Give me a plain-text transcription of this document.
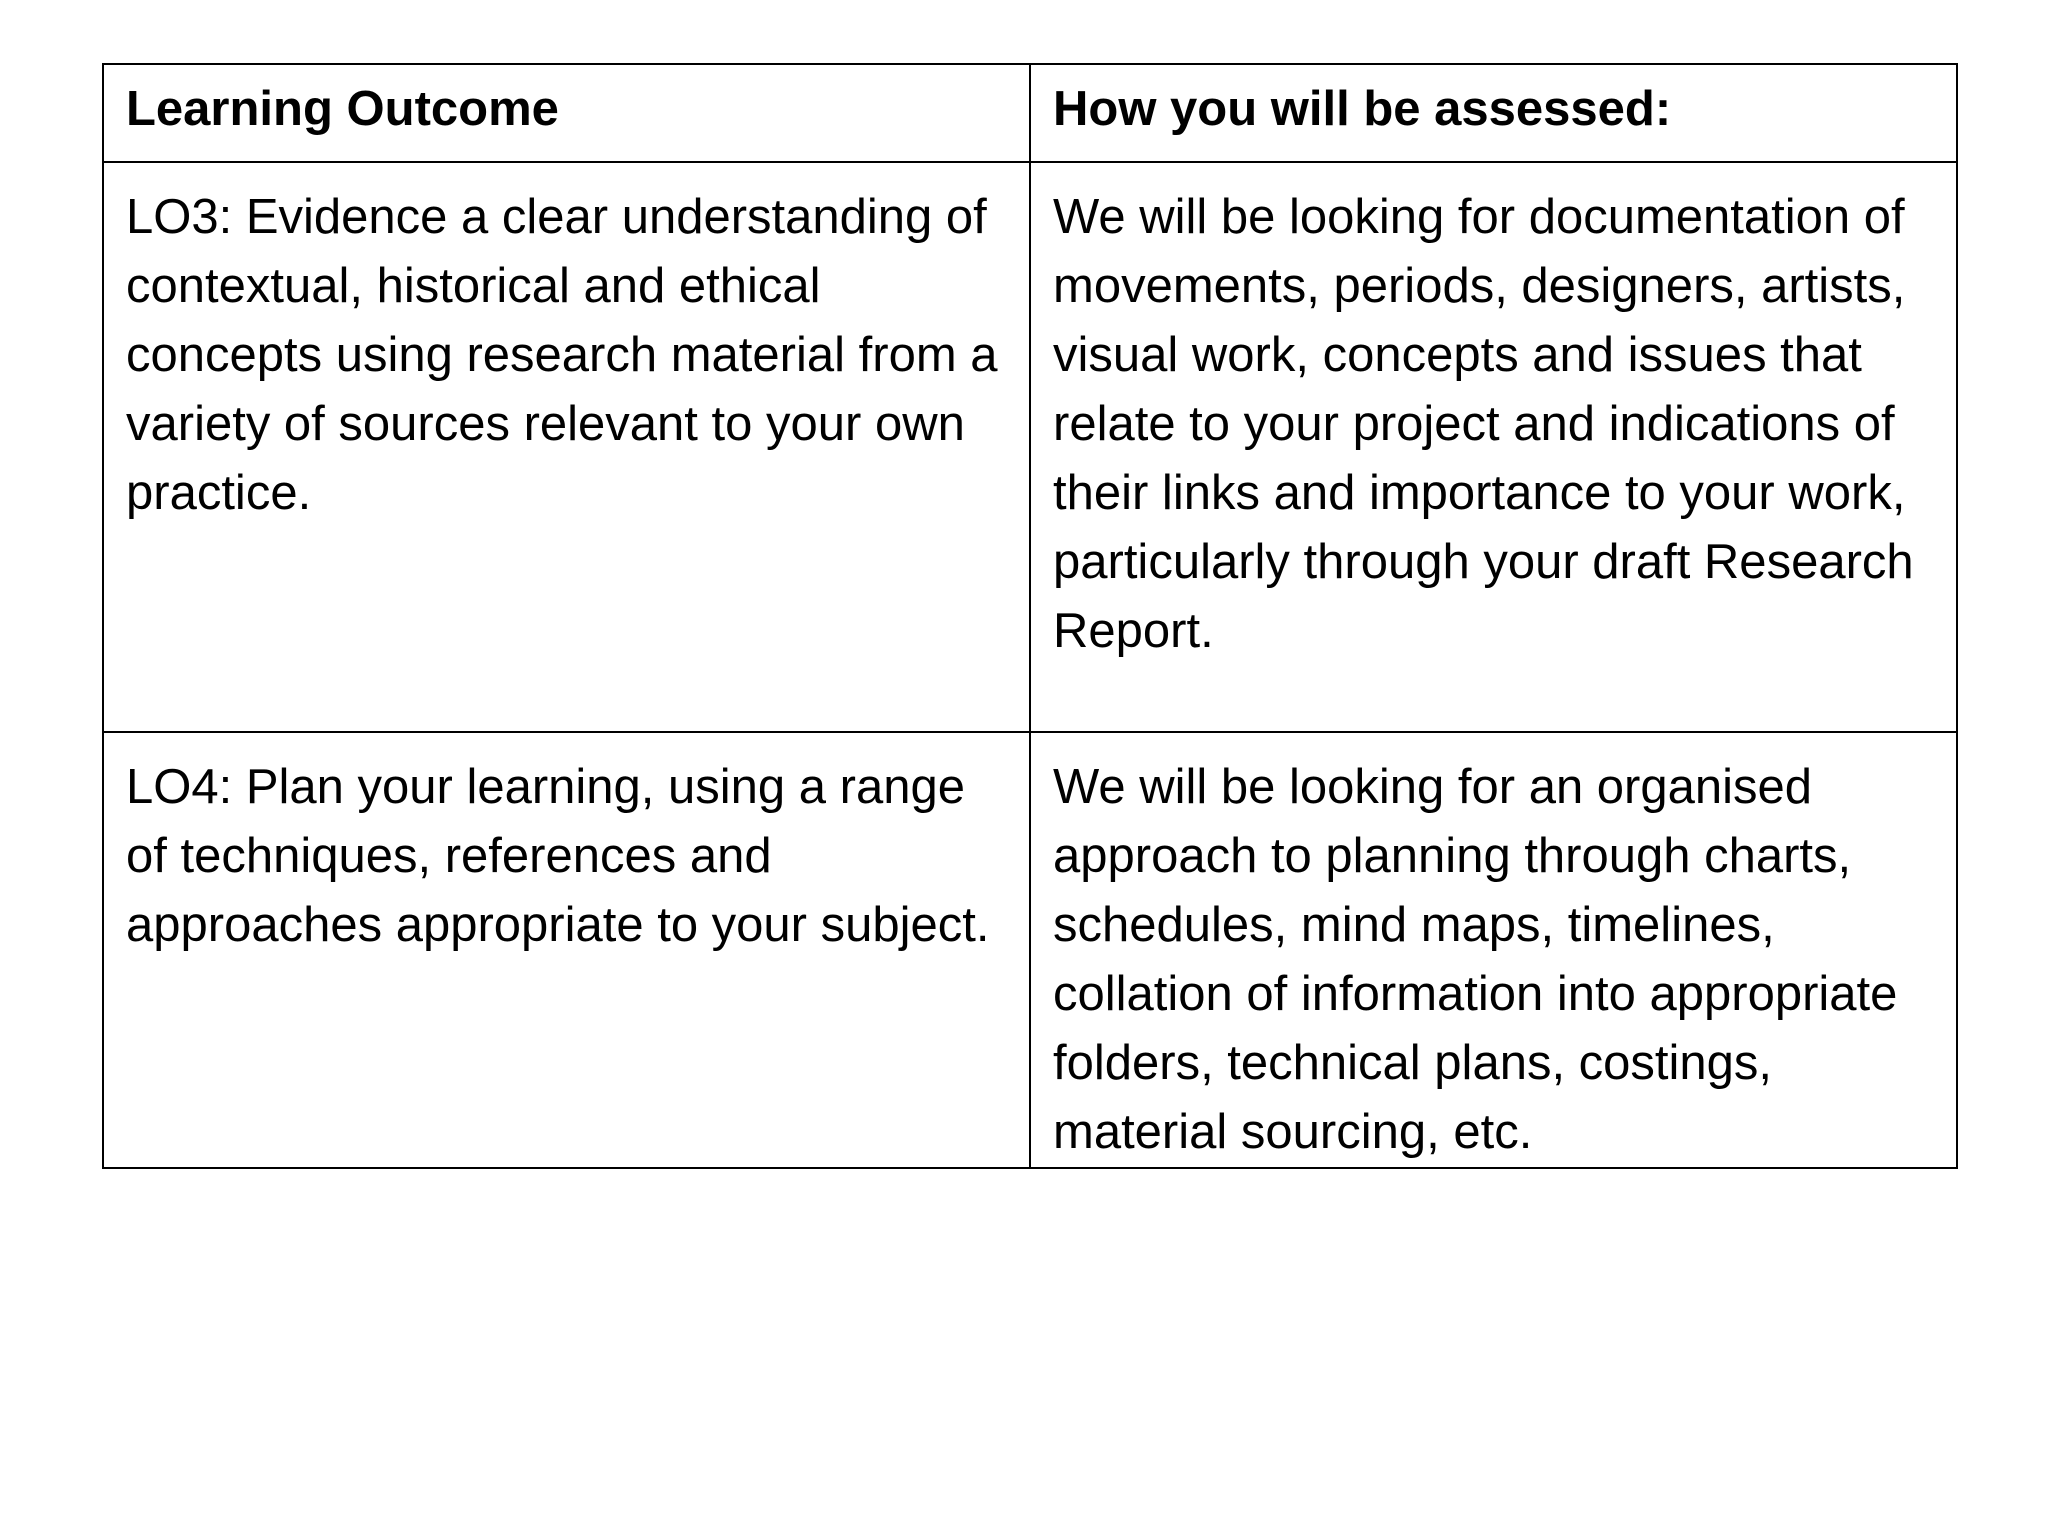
Learning Outcome	How you will be assessed:
LO3: Evidence a clear understanding of contextual, historical and ethical concepts using research material from a variety of sources relevant to your own practice.	We will be looking for documentation of movements, periods, designers, artists, visual work, concepts and issues that relate to your project and indications of their links and importance to your work, particularly through your draft Research Report.
LO4: Plan your learning, using a range of techniques, references and approaches appropriate to your subject.	We will be looking for an organised approach to planning through charts, schedules, mind maps, timelines, collation of information into appropriate folders, technical plans, costings, material sourcing, etc.
